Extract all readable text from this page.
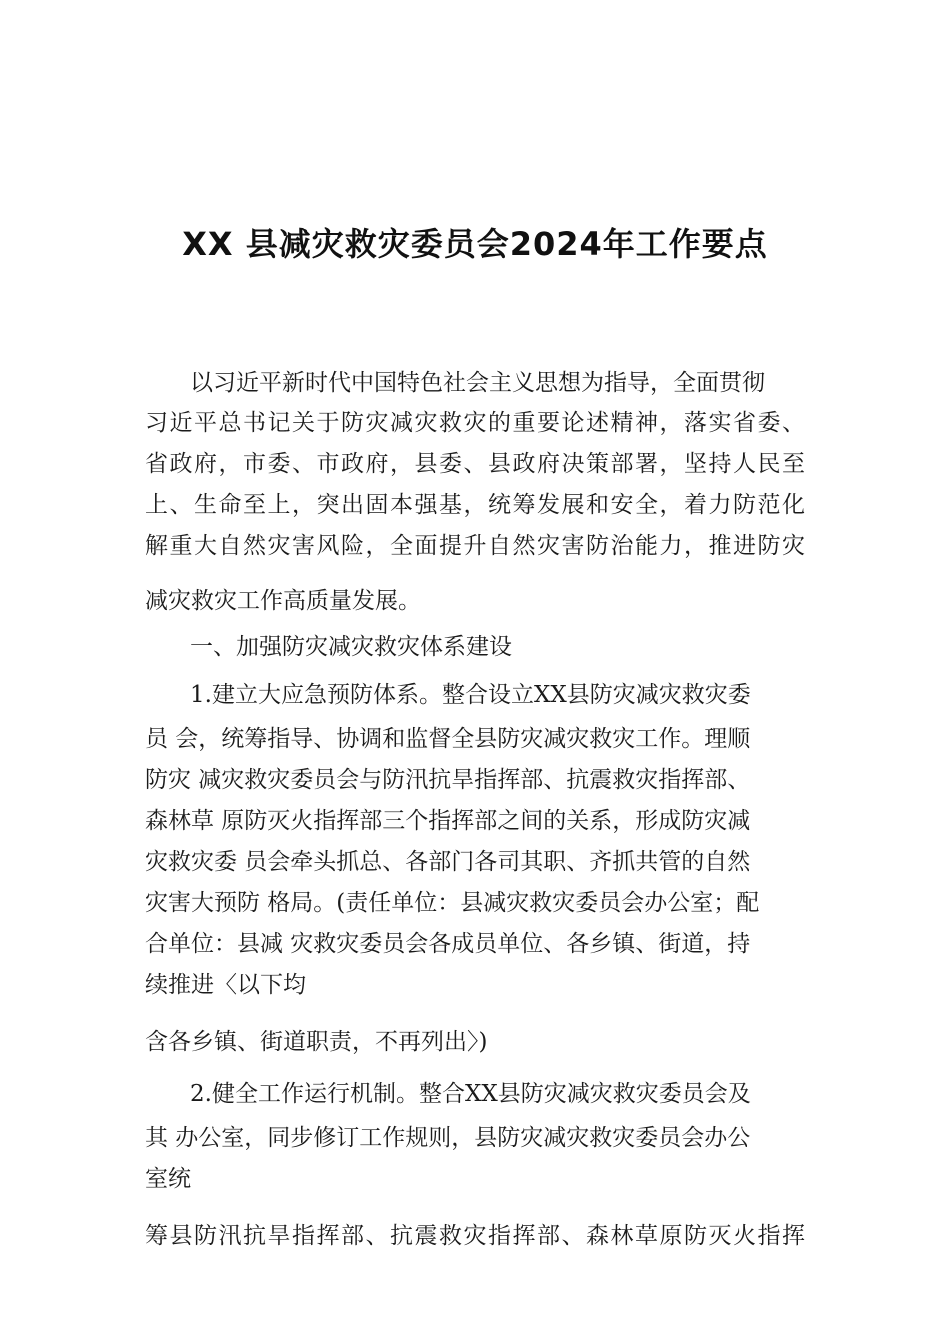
XX 县减灾救灾委员会2024年工作要点

以习近平新时代中国特色社会主义思想为指导，全面贯彻

习近平总书记关于防灾减灾救灾的重要论述精神，落实省委、

省政府，市委、市政府，县委、县政府决策部署，坚持人民至

上、生命至上，突出固本强基，统筹发展和安全，着力防范化

解重大自然灾害风险，全面提升自然灾害防治能力，推进防灾

减灾救灾工作高质量发展。

一、加强防灾减灾救灾体系建设

1.建立大应急预防体系。整合设立XX县防灾减灾救灾委

员 会，统筹指导、协调和监督全县防灾减灾救灾工作。理顺

防灾 减灾救灾委员会与防汛抗旱指挥部、抗震救灾指挥部、

森林草 原防灭火指挥部三个指挥部之间的关系，形成防灾减

灾救灾委 员会牵头抓总、各部门各司其职、齐抓共管的自然

灾害大预防 格局。(责任单位：县减灾救灾委员会办公室；配

合单位：县减 灾救灾委员会各成员单位、各乡镇、街道，持

续推进〈以下均

含各乡镇、街道职责，不再列出〉)

2.健全工作运行机制。整合XX县防灾减灾救灾委员会及

其 办公室，同步修订工作规则，县防灾减灾救灾委员会办公

室统

筹县防汛抗旱指挥部、抗震救灾指挥部、森林草原防灭火指挥
